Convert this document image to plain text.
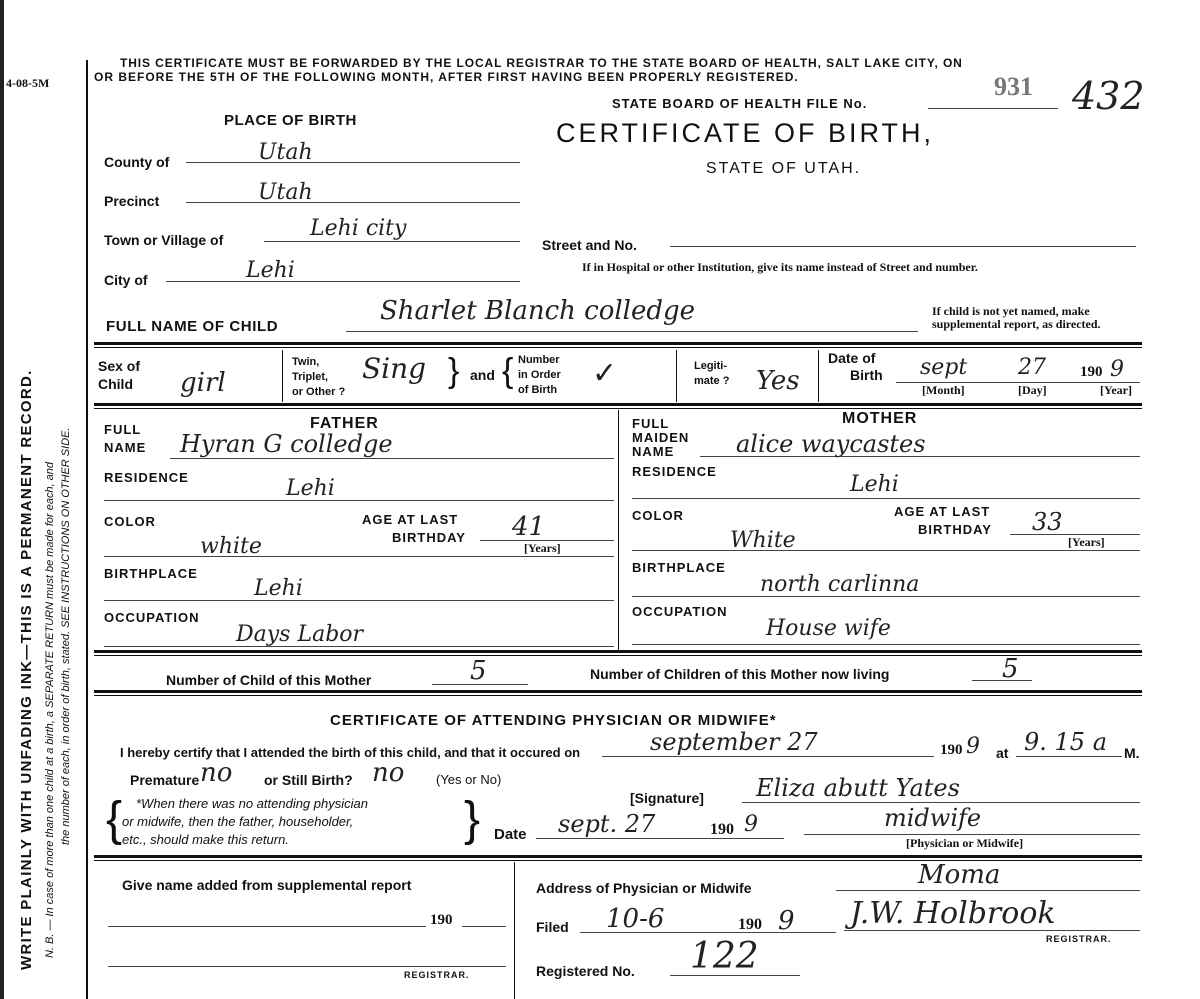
4-08-5M
WRITE PLAINLY WITH UNFADING INK—THIS IS A PERMANENT RECORD. N. B. — In case of more than one child at a birth, a SEPARATE RETURN must be made for each, and the number of each, in order of birth, stated. SEE INSTRUCTIONS ON OTHER SIDE.
THIS CERTIFICATE MUST BE FORWARDED BY THE LOCAL REGISTRAR TO THE STATE BOARD OF HEALTH, SALT LAKE CITY, ON
OR BEFORE THE 5TH OF THE FOLLOWING MONTH, AFTER FIRST HAVING BEEN PROPERLY REGISTERED.
STATE BOARD OF HEALTH FILE No.
931 432
CERTIFICATE OF BIRTH,
STATE OF UTAH.
PLACE OF BIRTH
County of	Utah
Precinct	Utah
Town or Village of	Lehi city
City of	Lehi
Street and No.
If in Hospital or other Institution, give its name instead of Street and number.
FULL NAME OF CHILD
Sharlet Blanch colledge	If child is not yet named, make
supplemental report, as directed.
Sex of
Child girl
Twin,
Triplet,
or Other ?
Sing } and { Number
in Order
of Birth ✓	Legiti-
mate ? Yes
Date of
Birth sept 27 190 9
[Month]	[Day]	[Year]
FATHER
FULL
NAME Hyran G colledge
RESIDENCE	Lehi
COLOR	AGE AT LAST
BIRTHDAY 41
[Years]
white
BIRTHPLACE
Lehi
OCCUPATION
Days Labor
MOTHER
FULL
MAIDEN
NAME	alice waycastes
RESIDENCE
Lehi
COLOR	AGE AT LAST
BIRTHDAY 33
[Years]
White
BIRTHPLACE
north carlinna
OCCUPATION
House wife
Number of Child of this Mother	5	Number of Children of this Mother now living	5
CERTIFICATE OF ATTENDING PHYSICIAN OR MIDWIFE*
I hereby certify that I attended the birth of this child, and that it occured on	september 27	190 9 at 9. 15 a M.
Premature no or Still Birth? no (Yes or No)
{ *When there was no attending physician
or midwife, then the father, householder,
etc., should make this return.	}	[Signature] Eliza abutt Yates
Date sept. 27	190 9	midwife
[Physician or Midwife]
Give name added from supplemental report
190
REGISTRAR.
Address of Physician or Midwife	Moma
Filed 10-6	190 9 J.W. Holbrook
REGISTRAR.
Registered No. 122
